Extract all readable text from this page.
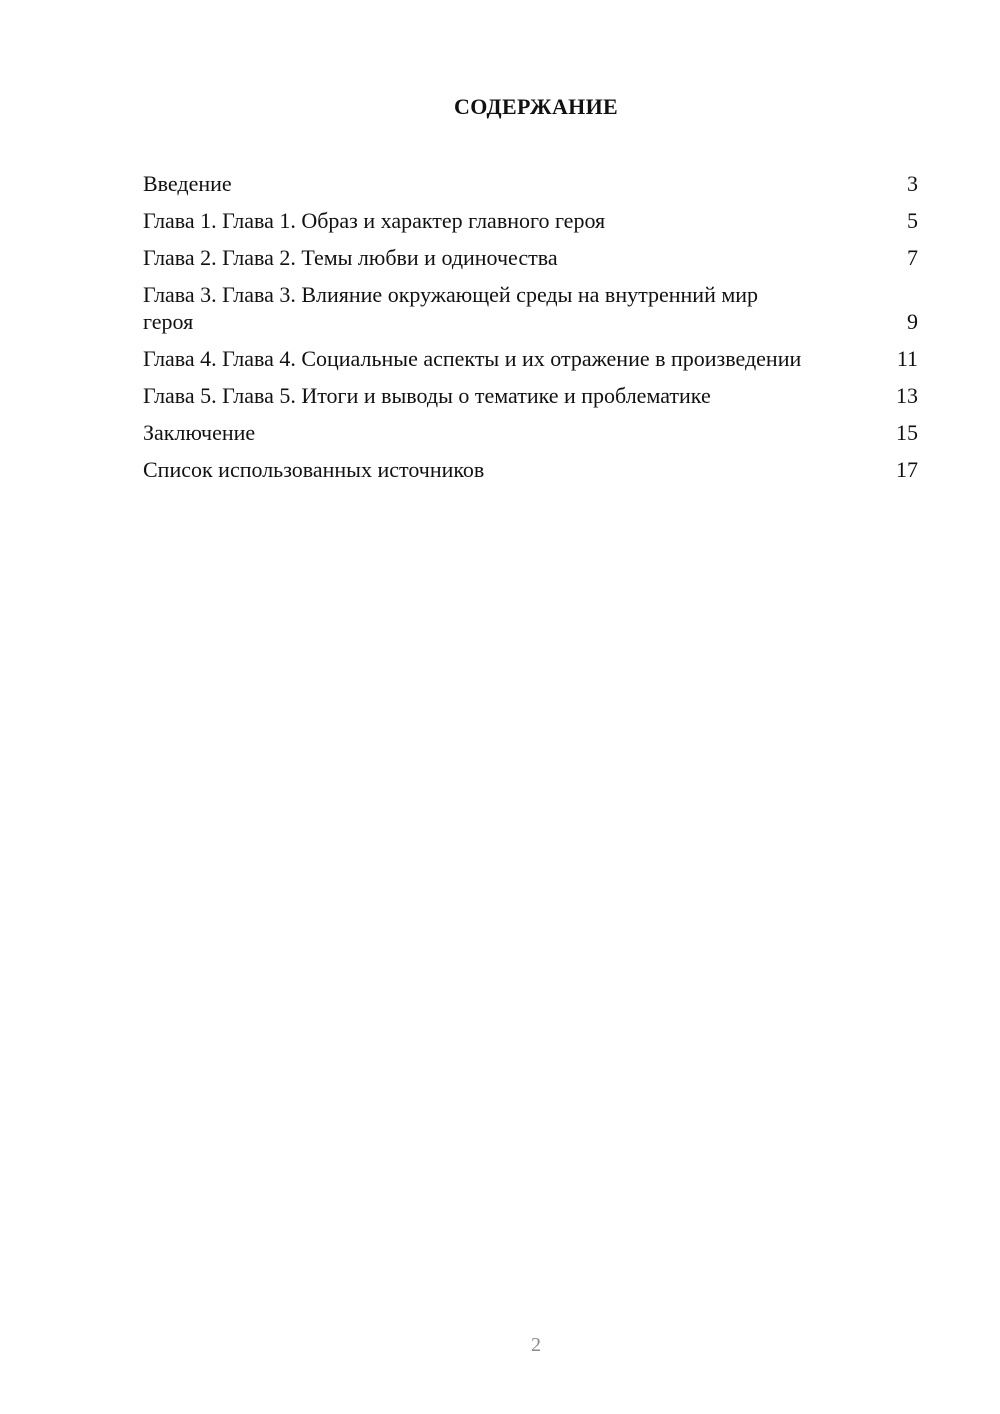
СОДЕРЖАНИЕ
Введение	3
Глава 1. Глава 1. Образ и характер главного героя	5
Глава 2. Глава 2. Темы любви и одиночества	7
Глава 3. Глава 3. Влияние окружающей среды на внутренний мир героя	9
Глава 4. Глава 4. Социальные аспекты и их отражение в произведении	11
Глава 5. Глава 5. Итоги и выводы о тематике и проблематике	13
Заключение	15
Список использованных источников	17
2
